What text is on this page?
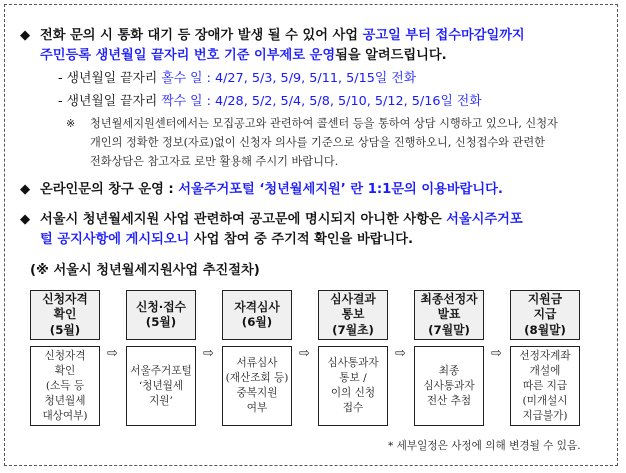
◆ 전화 문의 시 통화 대기 등 장애가 발생 될 수 있어 사업 공고일 부터 접수마감일까지
주민등록 생년월일 끝자리 번호 기준 이부제로 운영됨을 알려드립니다.
- 생년월일 끝자리 홀수 일 : 4/27, 5/3, 5/9, 5/11, 5/15일 전화
- 생년월일 끝자리 짝수 일 : 4/28, 5/2, 5/4, 5/8, 5/10, 5/12, 5/16일 전화
※ 청년월세지원센터에서는 모집공고와 관련하여 콜센터 등을 통하여 상담 시행하고 있으나, 신청자
개인의 정확한 정보(자료)없이 신청자 의사를 기준으로 상담을 진행하오니, 신청접수와 관련한
전화상담은 참고자료 로만 활용해 주시기 바랍니다.
◆ 온라인문의 창구 운영 : 서울주거포털 ‘청년월세지원’ 란 1:1문의 이용바랍니다.
◆ 서울시 청년월세지원 사업 관련하여 공고문에 명시되지 아니한 사항은 서울시주거포
털 공지사항에 게시되오니 사업 참여 중 주기적 확인을 바랍니다.
(※ 서울시 청년월세지원사업 추진절차)
신청자격
확인
(5월)
신청자격
확인
(소득 등
청년월세
대상여부)
⇨
신청·접수
(5월)
서울주거포털
‘청년월세
지원’
⇨
자격심사
(6월)
서류심사
(재산조회 등)
중복지원
여부
⇨
심사결과
통보
(7월초)
심사통과자
통보 /
이의 신청
접수
⇨
최종선정자
발표
(7월말)
최종
심사통과자
전산 추첨
⇨
지원금
지급
(8월말)
선정자계좌
개설에
따른 지급
(미개설시
지급불가)
* 세부일정은 사정에 의해 변경될 수 있음.
